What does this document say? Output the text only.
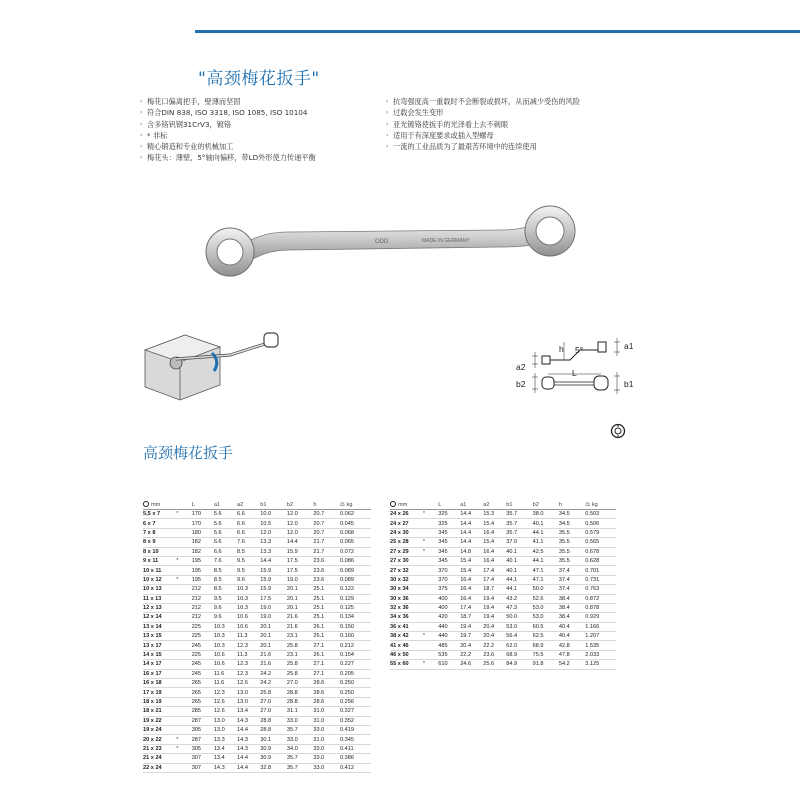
"高颈梅花扳手"
› 梅花口偏离把手，壁薄而坚固
› 符合DIN 838, ISO 3318, ISO 1085, ISO 10104
› 含多铬钒钢31CrV3，镀铬
› * 非标
› 精心锻造和专业的机械加工
› 梅花头：薄壁，5°轴向偏移，带LD外形使力传递平衡
› 抗弯强度高一重载时不会断裂或损坏，从而减少受伤的风险
› 过载会发生变形
› 亚光镀铬使扳手的光泽看上去不刺眼
› 适用于有深度要求或插入型螺母
› 一流的工业品质为了最艰苦环境中的连续使用
ODD	MADE IN GERMANY
h 5°	a1
a2
L
b2	b1
高颈梅花扳手
mm		L	a1	a2	b1	b2	h	⚖ kg
5,5 x 7	*	170	5.6	6.6	10.0	12.0	20.7	0.062
6 x 7		170	5.6	6.6	10.5	12.0	20.7	0.045
7 x 8		180	5.6	6.6	12.0	12.0	20.7	0.068
8 x 9		182	6.6	7.6	13.3	14.4	21.7	0.065
8 x 10		182	6.6	8.5	13.3	15.9	21.7	0.072
9 x 11	*	195	7.6	9.5	14.4	17.5	23.6	0.086
10 x 11		195	8.5	9.5	15.9	17.5	23.6	0.089
10 x 12	*	195	8.5	9.6	15.9	19.0	23.6	0.089
10 x 13		212	8.5	10.3	15.9	20.1	25.1	0.122
11 x 13		212	9.5	10.3	17.5	20.1	25.1	0.129
12 x 13		212	9.6	10.3	19.0	20.1	25.1	0.125
12 x 14		212	9.6	10.6	19.0	21.6	25.1	0.134
13 x 14		225	10.3	10.6	20.1	21.6	26.1	0.150
13 x 15		225	10.3	11.3	20.1	23.1	26.1	0.160
13 x 17		245	10.3	12.3	20.1	25.8	27.1	0.212
14 x 15		225	10.6	11.3	21.6	23.1	26.1	0.154
14 x 17		245	10.6	12.3	21.6	25.8	27.1	0.227
16 x 17		245	11.6	12.3	24.2	25.8	27.1	0.205
16 x 18		265	11.6	12.6	24.2	27.0	28.6	0.250
17 x 19		265	12.3	13.0	25.8	28.8	28.6	0.250
18 x 19		265	12.6	13.0	27.0	28.8	28.6	0.256
18 x 21		285	12.6	13.4	27.0	31.1	31.0	0.327
19 x 22		287	13.0	14.3	28.8	33.0	31.0	0.352
19 x 24		305	13.0	14.4	28.8	35.7	33.0	0.419
20 x 22	*	287	13.3	14.3	30.1	33.0	31.0	0.345
21 x 23	*	305	13.4	14.3	30.9	34.0	33.0	0.411
21 x 24		307	13.4	14.4	30.9	35.7	33.0	0.386
22 x 24		307	14.3	14.4	32.8	35.7	33.0	0.412
mm		L	a1	a2	b1	b2	h	⚖ kg
24 x 26	*	325	14.4	15.3	35.7	38.0	34.5	0.503
24 x 27		325	14.4	15.4	35.7	40.1	34.5	0.506
24 x 30		345	14.4	16.4	35.7	44.1	35.5	0.579
25 x 28	*	345	14.4	15.4	37.0	41.1	35.5	0.565
27 x 29	*	345	14.8	16.4	40.1	42.5	35.5	0.678
27 x 30		345	15.4	16.4	40.1	44.1	35.5	0.628
27 x 32		370	15.4	17.4	40.1	47.1	37.4	0.701
30 x 32		370	16.4	17.4	44.1	47.1	37.4	0.731
30 x 34		375	16.4	18.7	44.1	50.0	37.4	0.763
30 x 36		400	16.4	19.4	43.2	52.6	38.4	0.872
32 x 36		400	17.4	19.4	47.3	53.0	38.4	0.878
34 x 36		420	18.7	19.4	50.0	53.0	38.4	0.929
36 x 41		440	19.4	20.4	53.0	60.5	40.4	1.166
38 x 42	*	440	19.7	20.4	56.4	62.5	40.4	1.207
41 x 46		485	20.4	22.2	62.0	68.9	42.8	1.535
46 x 50		535	22.2	23.6	68.9	75.5	47.8	2.033
55 x 60	*	610	24.6	25.6	84.9	91.8	54.2	3.125
